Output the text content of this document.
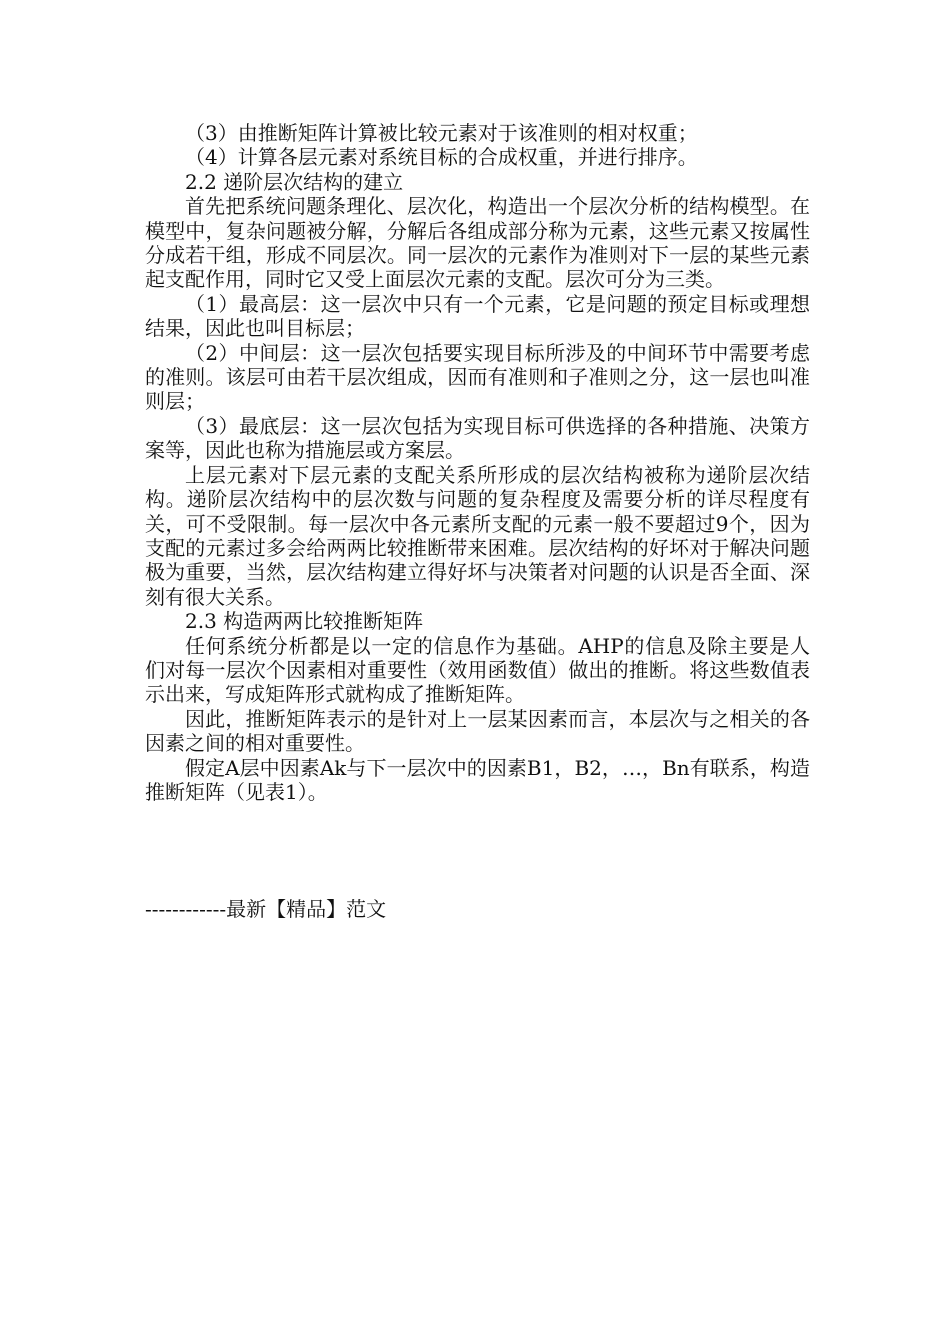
（3）由推断矩阵计算被比较元素对于该准则的相对权重；

（4）计算各层元素对系统目标的合成权重，并进行排序。

2.2 递阶层次结构的建立

首先把系统问题条理化、层次化，构造出一个层次分析的结构模型。在模型中，复杂问题被分解，分解后各组成部分称为元素，这些元素又按属性分成若干组，形成不同层次。同一层次的元素作为准则对下一层的某些元素起支配作用，同时它又受上面层次元素的支配。层次可分为三类。

（1）最高层：这一层次中只有一个元素，它是问题的预定目标或理想结果，因此也叫目标层；

（2）中间层：这一层次包括要实现目标所涉及的中间环节中需要考虑的准则。该层可由若干层次组成，因而有准则和子准则之分，这一层也叫准则层；

（3）最底层：这一层次包括为实现目标可供选择的各种措施、决策方案等，因此也称为措施层或方案层。

上层元素对下层元素的支配关系所形成的层次结构被称为递阶层次结构。递阶层次结构中的层次数与问题的复杂程度及需要分析的详尽程度有关，可不受限制。每一层次中各元素所支配的元素一般不要超过9个，因为支配的元素过多会给两两比较推断带来困难。层次结构的好坏对于解决问题极为重要，当然，层次结构建立得好坏与决策者对问题的认识是否全面、深刻有很大关系。

2.3 构造两两比较推断矩阵

任何系统分析都是以一定的信息作为基础。AHP的信息及除主要是人们对每一层次个因素相对重要性（效用函数值）做出的推断。将这些数值表示出来，写成矩阵形式就构成了推断矩阵。

因此，推断矩阵表示的是针对上一层某因素而言，本层次与之相关的各因素之间的相对重要性。

假定A层中因素Ak与下一层次中的因素B1，B2，…，Bn有联系，构造推断矩阵（见表1）。

------------最新【精品】范文
